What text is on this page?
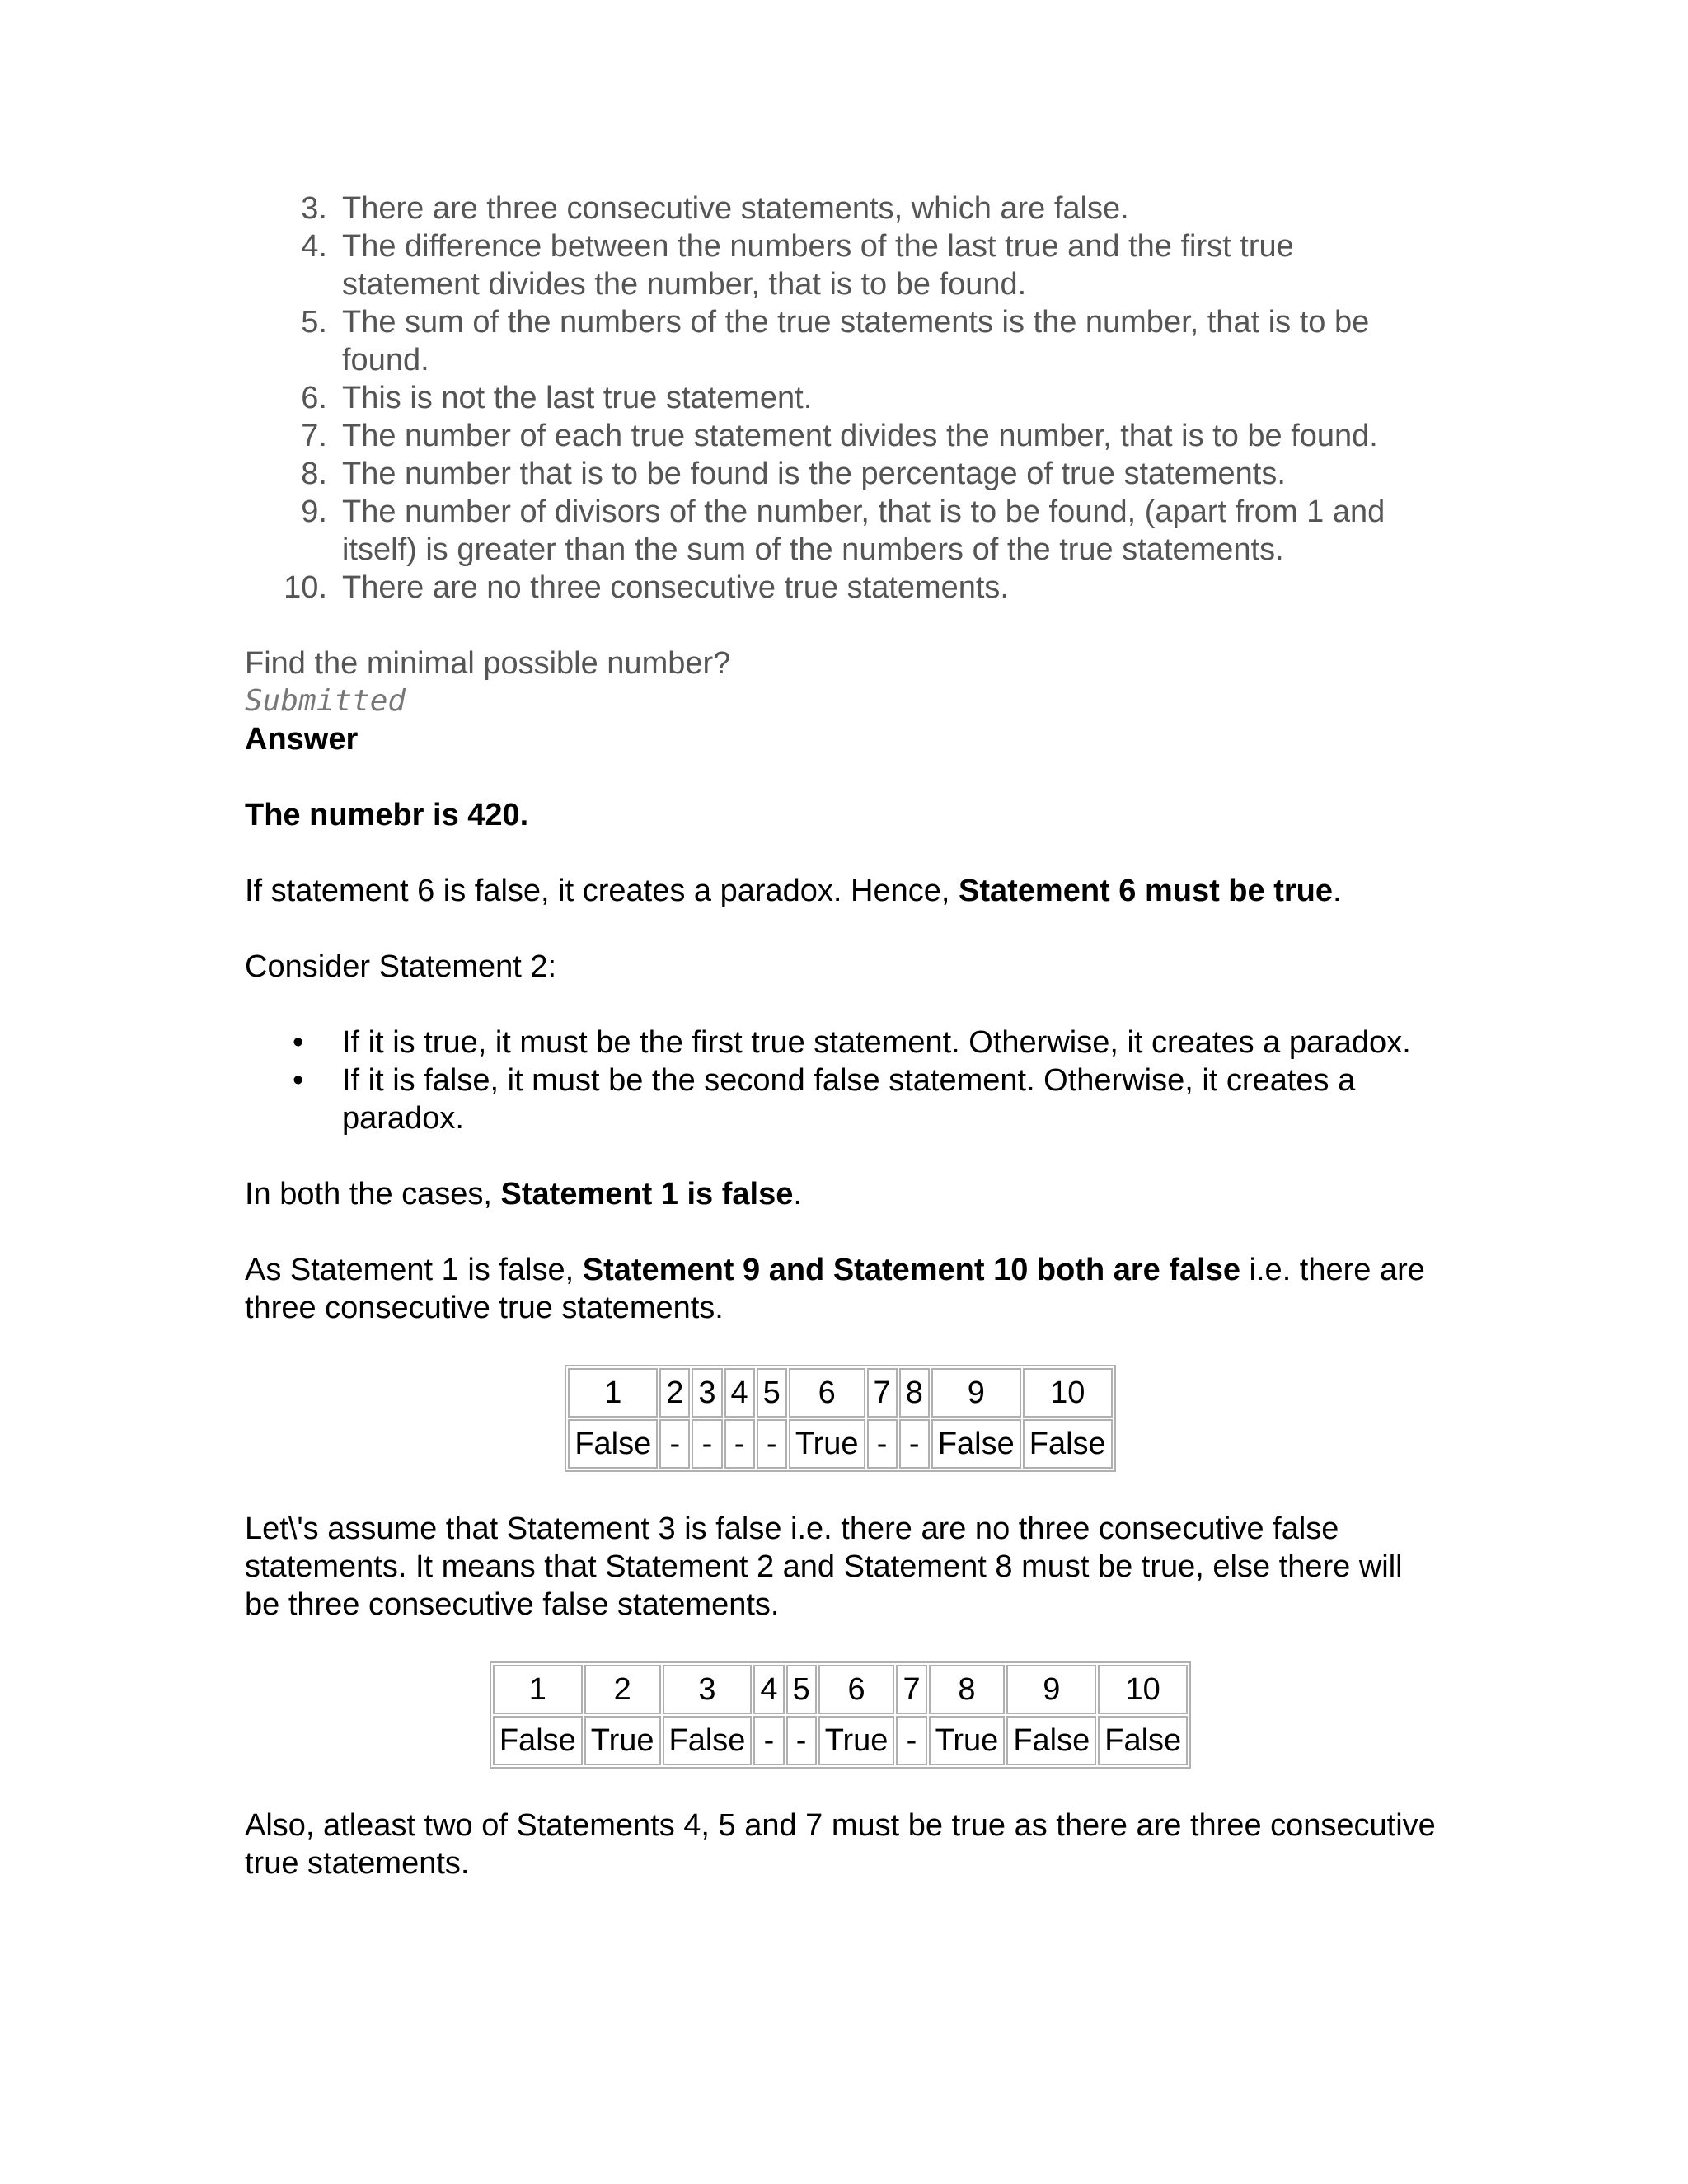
3. There are three consecutive statements, which are false.
4. The difference between the numbers of the last true and the first true statement divides the number, that is to be found.
5. The sum of the numbers of the true statements is the number, that is to be found.
6. This is not the last true statement.
7. The number of each true statement divides the number, that is to be found.
8. The number that is to be found is the percentage of true statements.
9. The number of divisors of the number, that is to be found, (apart from 1 and itself) is greater than the sum of the numbers of the true statements.
10. There are no three consecutive true statements.
Find the minimal possible number?
Submitted
Answer
The numebr is 420.
If statement 6 is false, it creates a paradox. Hence, Statement 6 must be true.
Consider Statement 2:
• If it is true, it must be the first true statement. Otherwise, it creates a paradox.
• If it is false, it must be the second false statement. Otherwise, it creates a paradox.
In both the cases, Statement 1 is false.
As Statement 1 is false, Statement 9 and Statement 10 both are false i.e. there are three consecutive true statements.
1	2	3	4	5	6	7	8	9	10
False	-	-	-	-	True	-	-	False	False
Let\'s assume that Statement 3 is false i.e. there are no three consecutive false statements. It means that Statement 2 and Statement 8 must be true, else there will be three consecutive false statements.
1	2	3	4	5	6	7	8	9	10
False	True	False	-	-	True	-	True	False	False
Also, atleast two of Statements 4, 5 and 7 must be true as there are three consecutive true statements.
